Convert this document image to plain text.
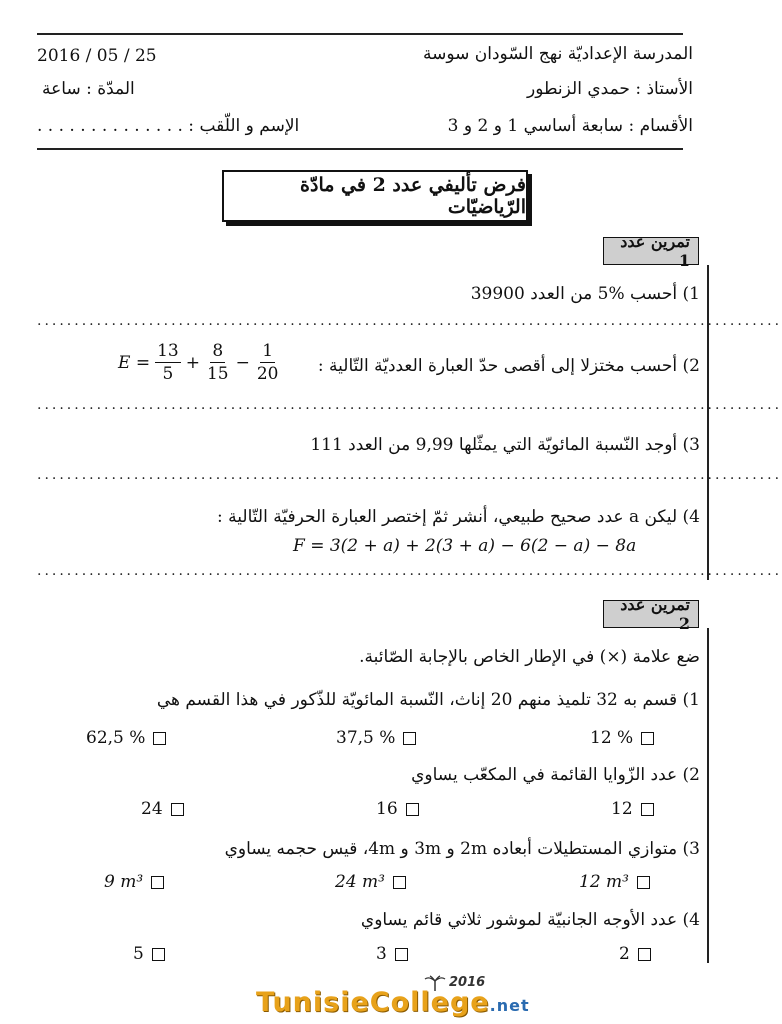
المدرسة الإعداديّة نهج السّودان سوسة
الأستاذ : حمدي الزنطور
الأقسام : سابعة أساسي 1 و 2 و 3
2016 / 05 / 25
المدّة : ساعة
الإسم و اللّقب : . . . . . . . . . . . . . .
فرض تأليفي عدد 2 في مادّة الرّياضيّات
تمرين عدد 1
1) أحسب %5 من العدد 39900
....................................................................................................
2) أحسب مختزلا إلى أقصى حدّ العبارة العدديّة التّالية :
$E = \frac{13}{5} + \frac{8}{15} - \frac{1}{20}$
....................................................................................................
3) أوجد النّسبة المائويّة التي يمثّلها 9,99 من العدد 111
....................................................................................................
4) ليكن a عدد صحيح طبيعي، أنشر ثمّ إختصر العبارة الحرفيّة التّالية :
F = 3(2 + a) + 2(3 + a) − 6(2 − a) − 8a
....................................................................................................
تمرين عدد 2
ضع علامة (×) في الإطار الخاص بالإجابة الصّائبة.
1) قسم به 32 تلميذ منهم 20 إناث، النّسبة المائويّة للذّكور في هذا القسم هي
12 %
37,5 %
62,5 %
2) عدد الزّوايا القائمة في المكعّب يساوي
12
16
24
3) متوازي المستطيلات أبعاده 2m و 3m و 4m، قيس حجمه يساوي
12 m³
24 m³
9 m³
4) عدد الأوجه الجانبيّة لموشور ثلاثي قائم يساوي
2
3
5
2016
TunisieCollege.net
